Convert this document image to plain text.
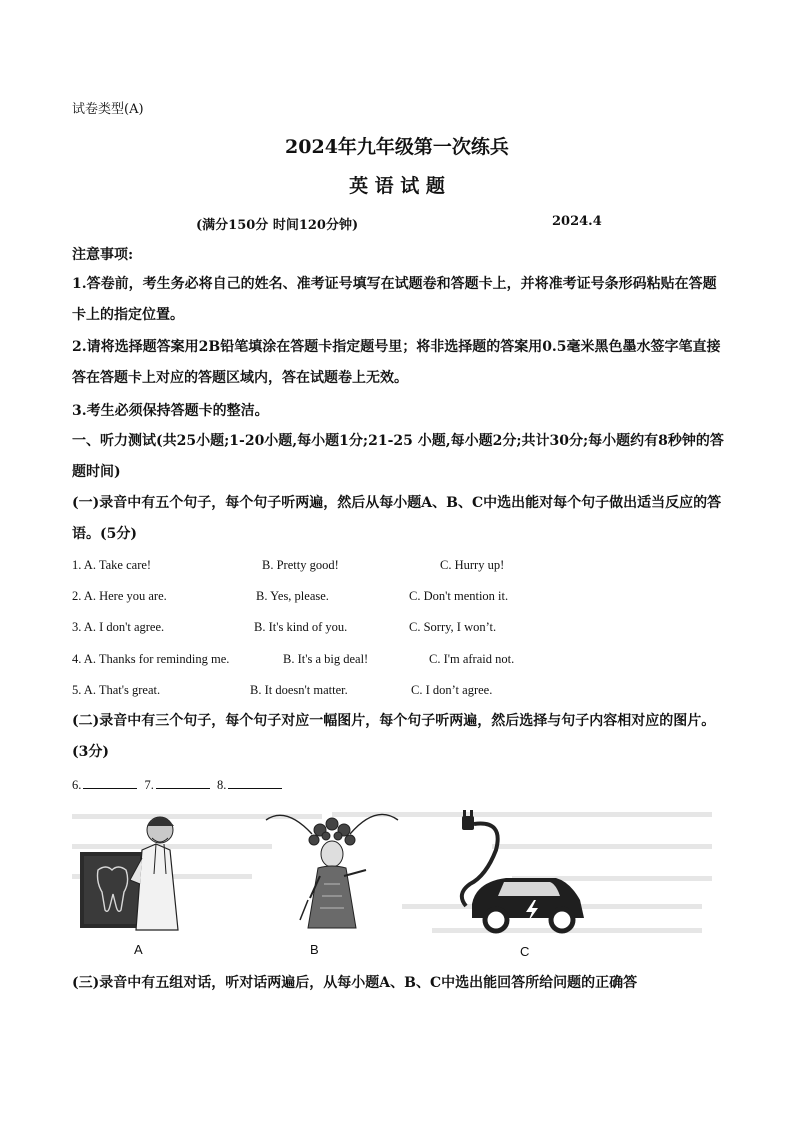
试卷类型(A)
2024年九年级第一次练兵
英 语 试 题
(满分150分 时间120分钟)	2024.4
注意事项:
1.答卷前，考生务必将自己的姓名、准考证号填写在试题卷和答题卡上，并将准考证号条形码粘贴在答题卡上的指定位置。
2.请将选择题答案用2B铅笔填涂在答题卡指定题号里；将非选择题的答案用0.5毫米黑色墨水签字笔直接答在答题卡上对应的答题区域内，答在试题卷上无效。
3.考生必须保持答题卡的整洁。
一、听力测试(共25小题;1-20小题,每小题1分;21-25 小题,每小题2分;共计30分;每小题约有8秒钟的答题时间)
(一)录音中有五个句子，每个句子听两遍，然后从每小题A、B、C中选出能对每个句子做出适当反应的答语。(5分)
1. A. Take care!	B. Pretty good!	C. Hurry up!
2. A. Here you are.	B. Yes, please.	C. Don't mention it.
3. A. I don't agree.	B. It's kind of you.	C. Sorry, I won’t.
4. A. Thanks for reminding me.	B. It's a big deal!	C. I'm afraid not.
5. A. That's great.	B. It doesn't matter.	C. I don’t agree.
(二)录音中有三个句子，每个句子对应一幅图片，每个句子听两遍，然后选择与句子内容相对应的图片。(3分)
6.	7.	8.
A	B	C
(三)录音中有五组对话，听对话两遍后，从每小题A、B、C中选出能回答所给问题的正确答
